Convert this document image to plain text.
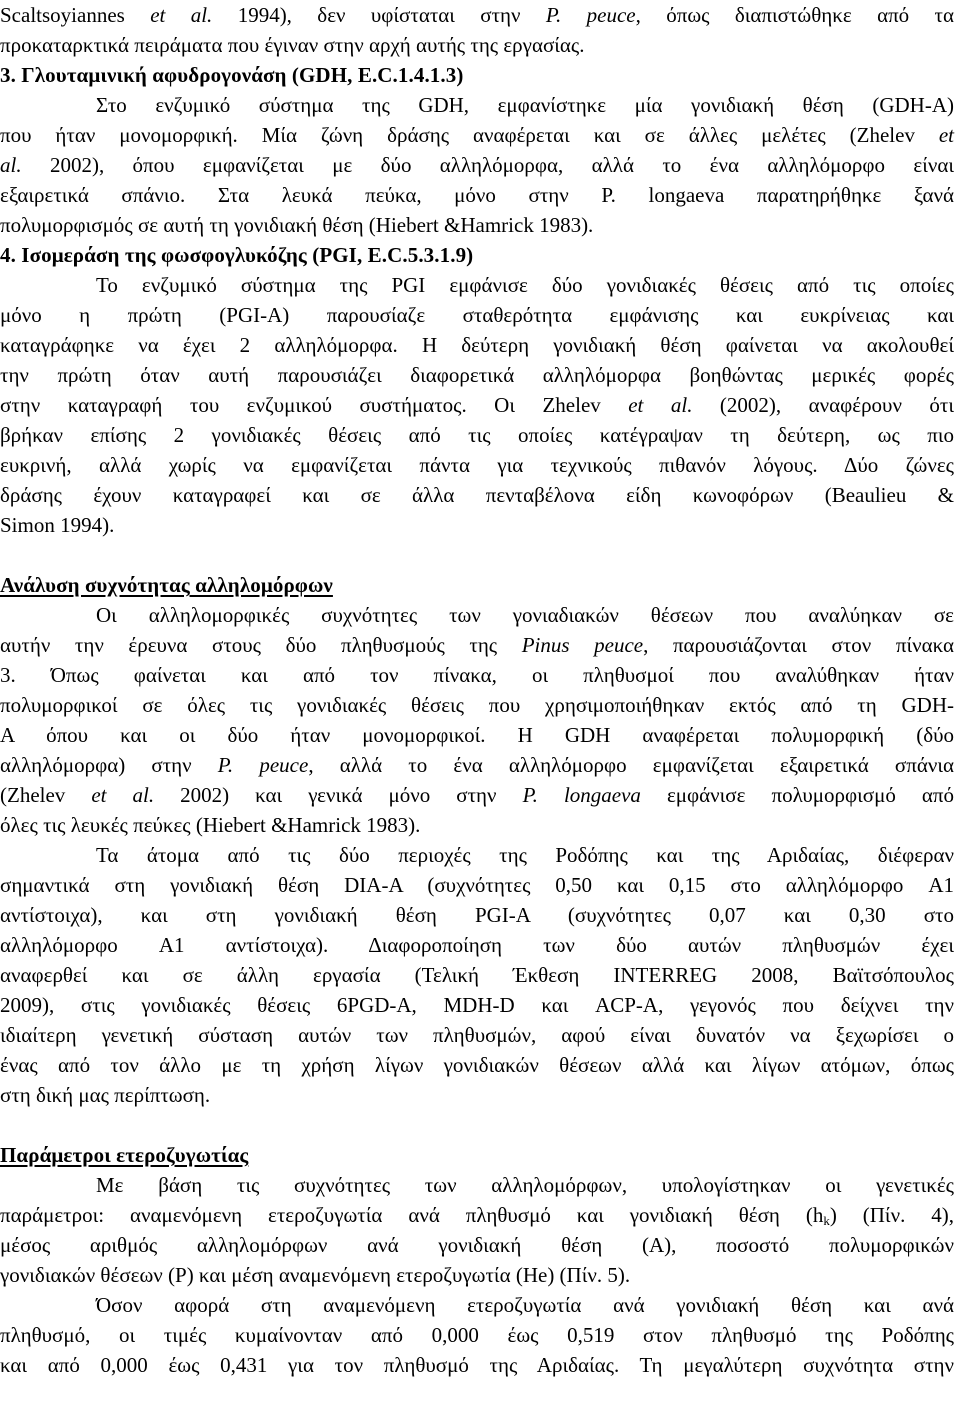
Scaltsoyiannes et al. 1994), δεν υφίσταται στην P. peuce, όπως διαπιστώθηκε από τα
προκαταρκτικά πειράματα που έγιναν στην αρχή αυτής της εργασίας.
3. Γλουταμινική αφυδρογονάση (GDH, E.C.1.4.1.3)
Στο ενζυμικό σύστημα της GDH, εμφανίστηκε μία γονιδιακή θέση (GDH-A)
που ήταν μονομορφική. Μία ζώνη δράσης αναφέρεται και σε άλλες μελέτες (Zhelev et
al. 2002), όπου εμφανίζεται με δύο αλληλόμορφα, αλλά το ένα αλληλόμορφο είναι
εξαιρετικά σπάνιο. Στα λευκά πεύκα, μόνο στην P. longaeva παρατηρήθηκε ξανά
πολυμορφισμός σε αυτή τη γονιδιακή θέση (Hiebert &Hamrick 1983).
4. Ισομεράση της φωσφογλυκόζης (PGI, E.C.5.3.1.9)
Το ενζυμικό σύστημα της PGI εμφάνισε δύο γονιδιακές θέσεις από τις οποίες
μόνο η πρώτη (PGI-A) παρουσίαζε σταθερότητα εμφάνισης και ευκρίνειας και
καταγράφηκε να έχει 2 αλληλόμορφα. Η δεύτερη γονιδιακή θέση φαίνεται να ακολουθεί
την πρώτη όταν αυτή παρουσιάζει διαφορετικά αλληλόμορφα βοηθώντας μερικές φορές
στην καταγραφή του ενζυμικού συστήματος. Οι Zhelev et al. (2002), αναφέρουν ότι
βρήκαν επίσης 2 γονιδιακές θέσεις από τις οποίες κατέγραψαν τη δεύτερη, ως πιο
ευκρινή, αλλά χωρίς να εμφανίζεται πάντα για τεχνικούς πιθανόν λόγους. Δύο ζώνες
δράσης έχουν καταγραφεί και σε άλλα πενταβέλονα είδη κωνοφόρων (Beaulieu &
Simon 1994).
Ανάλυση συχνότητας αλληλομόρφων
Οι αλληλομορφικές συχνότητες των γονιαδιακών θέσεων που αναλύηκαν σε
αυτήν την έρευνα στους δύο πληθυσμούς της Pinus peuce, παρουσιάζονται στον πίνακα
3. Όπως φαίνεται και από τον πίνακα, οι πληθυσμοί που αναλύθηκαν ήταν
πολυμορφικοί σε όλες τις γονιδιακές θέσεις που χρησιμοποιήθηκαν εκτός από τη GDH-
A όπου και οι δύο ήταν μονομορφικοί. Η GDH αναφέρεται πολυμορφική (δύο
αλληλόμορφα) στην P. peuce, αλλά το ένα αλληλόμορφο εμφανίζεται εξαιρετικά σπάνια
(Zhelev et al. 2002) και γενικά μόνο στην P. longaeva εμφάνισε πολυμορφισμό από
όλες τις λευκές πεύκες (Hiebert &Hamrick 1983).
Τα άτομα από τις δύο περιοχές της Ροδόπης και της Αριδαίας, διέφεραν
σημαντικά στη γονιδιακή θέση DIA-A (συχνότητες 0,50 και 0,15 στο αλληλόμορφο A1
αντίστοιχα), και στη γονιδιακή θέση PGI-A (συχνότητες 0,07 και 0,30 στο
αλληλόμορφο A1 αντίστοιχα). Διαφοροποίηση των δύο αυτών πληθυσμών έχει
αναφερθεί και σε άλλη εργασία (Τελική Έκθεση INTERREG 2008, Βαϊτσόπουλος
2009), στις γονιδιακές θέσεις 6PGD-A, MDH-D και ACP-A, γεγονός που δείχνει την
ιδιαίτερη γενετική σύσταση αυτών των πληθυσμών, αφού είναι δυνατόν να ξεχωρίσει ο
ένας από τον άλλο με τη χρήση λίγων γονιδιακών θέσεων αλλά και λίγων ατόμων, όπως
στη δική μας περίπτωση.
Παράμετροι ετεροζυγωτίας
Με βάση τις συχνότητες των αλληλομόρφων, υπολογίστηκαν οι γενετικές
παράμετροι: αναμενόμενη ετεροζυγωτία ανά πληθυσμό και γονιδιακή θέση (hk) (Πίν. 4),
μέσος αριθμός αλληλομόρφων ανά γονιδιακή θέση (A), ποσοστό πολυμορφικών
γονιδιακών θέσεων (P) και μέση αναμενόμενη ετεροζυγωτία (He) (Πίν. 5).
Όσον αφορά στη αναμενόμενη ετεροζυγωτία ανά γονιδιακή θέση και ανά
πληθυσμό, οι τιμές κυμαίνονταν από 0,000 έως 0,519 στον πληθυσμό της Ροδόπης
και από 0,000 έως 0,431 για τον πληθυσμό της Αριδαίας. Τη μεγαλύτερη συχνότητα στην
